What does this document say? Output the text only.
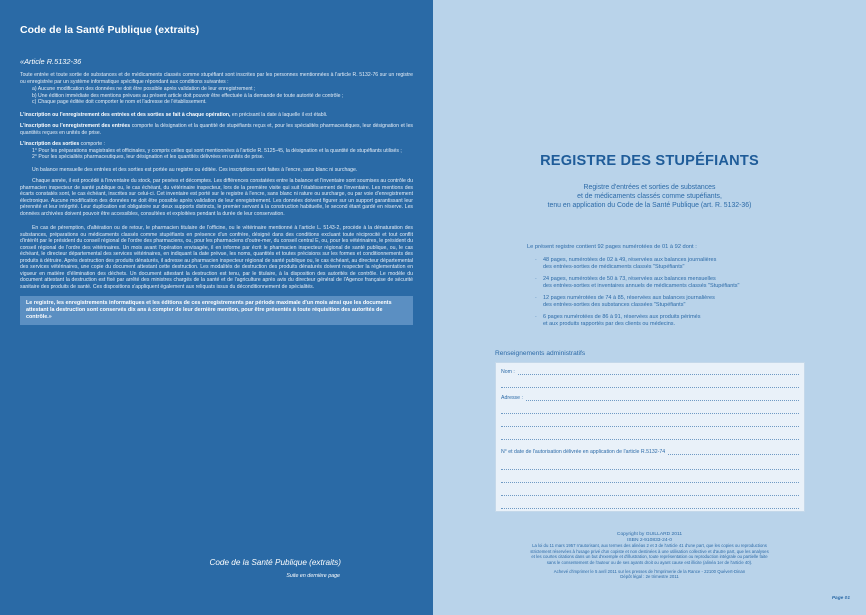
Code de la Santé Publique (extraits)
«Article R.5132-36

Toute entrée et toute sortie de substances et de médicaments classés comme stupéfiant sont inscrites par les personnes mentionnées à l'article R. 5132-76 sur un registre ou enregistrée par un système informatique spécifique répondant aux conditions suivantes :

a) Aucune modification des données ne doit être possible après validation de leur enregistrement ;
b) Une édition immédiate des mentions prévues au présent article doit pouvoir être effectuée à la demande de toute autorité de contrôle ;
c) Chaque page éditée doit comporter le nom et l'adresse de l'établissement.

L'inscription ou l'enregistrement des entrées et des sorties se fait à chaque opération, en précisant la date à laquelle il est établi.

L'inscription ou l'enregistrement des entrées comporte la désignation et la quantité de stupéfiants reçus et, pour les spécialités pharmaceutiques, leur désignation et les quantités reçues en unités de prise.

L'inscription des sorties comporte :
1° Pour les préparations magistrales et officinales, y compris celles qui sont mentionnées à l'article R. 5125-45, la désignation et la quantité de stupéfiants utilisés ;
2° Pour les spécialités pharmaceutiques, leur désignation et les quantités délivrées en unités de prise.

Un balance mensuelle des entrées et des sorties est portée au registre ou éditée. Ces inscriptions sont faites à l'encre, sans blanc ni surchage.

Chaque année, il est procédé à l'inventaire du stock, par pesées et décomptes. Les différences constatées entre la balance et l'inventaire sont soumises au contrôle du pharmacien inspecteur de santé publique ou, le cas échéant, du vétérinaire inspecteur, lors de la première visite qui suit l'établissement de l'inventaire. Les mentions des écarts constatés sont, le cas échéant, inscrites sur celui-ci. Cet inventaire est porté sur le registre à l'encre, sans blanc ni rature ou surcharge, ou par voie d'enregistrement électronique. Aucune modification des données ne doit être possible après validation de leur enregistrement. Les données doivent figurer sur un support garantissant leur pérennité et leur intégrité. Leur duplication est obligatoire sur deux supports distincts, le premier servant à la construction habituelle, le second étant gardé en réserve. Les données archivées doivent pouvoir être accessibles, consultées et exploitées pendant la durée de leur conservation.

En cas de péremption, d'altération ou de retour, le pharmacien titulaire de l'officine, ou le vétérinaire mentionné à l'article L. 5143-2, procède à la dénaturation des substances, préparations ou médicaments classés comme stupéfiants en présence d'un confrère, désigné dans des conditions excluant toute réciprocité et tout conflit d'intérêt par le président du conseil régional de l'ordre des pharmaciens, ou, pour les pharmaciens d'outre-mer, du conseil central E, ou, pour les vétérinaires, le président du conseil régional de l'ordre des vétérinaires. Un mois avant l'opération envisagée, il en informe par écrit le pharmacien inspecteur régional de santé publique, ou, le cas échéant, le directeur départemental des services vétérinaires, en indiquant la date prévue, les noms, quantités et toutes précisions sur les formes et conditionnements des produits à détruire. Après destruction des produits dénaturés, il adresse au pharmacien inspecteur régional de santé publique ou, le cas échéant, au directeur départemental des services vétérinaires, une copie du document attestant cette destruction. Les modalités de destruction des produits dénaturés doivent respecter la réglementation en vigueur en matière d'élimination des déchets. Un document attestant la destruction est tenu, par le titulaire, à la disposition des autorités de contrôle. Le modèle du document attestant la destruction est fixé par arrêté des ministres chargés de la santé et de l'agriculture après avis du directeur général de l'Agence française de sécurité sanitaire des produits de santé. Ces dispositions s'appliquent également aux reliquats issus du déconditionnement de spécialités.

Le registre, les enregistrements informatiques et les éditions de ces enregistrements par période maximale d'un mois ainsi que les documents attestant la destruction sont conservés dix ans à compter de leur dernière mention, pour être présentés à toute réquisition des autorités de contrôle.»
Code de la Santé Publique (extraits)
Suite en dernière page
REGISTRE DES STUPÉFIANTS
Registre d'entrées et sorties de substances
et de médicaments classés comme stupéfiants,
tenu en application du Code de la Santé Publique (art. R. 5132-36)
Le présent registre contient 92 pages numérotées de 01 à 92 dont :
· 48 pages, numérotées de 02 à 49, réservées aux balances journalières
des entrées-sorties de médicaments classés "Stupéfiants"
· 24 pages, numérotées de 50 à 73, réservées aux balances mensuelles
des entrées-sorties et inventaires annuels de médicaments classés "Stupéfiants"
· 12 pages numérotées de 74 à 85, réservées aux balances journalières
des entrées-sorties des substances classées "Stupéfiants"
· 6 pages numérotées de 86 à 91, réservées aux produits périmés
et aux produits rapportés par des clients ou médecins.
Renseignements administratifs
Nom :
Adresse :
N° et date de l'autorisation délivrée en application de l'article R.5132-74
Copyright by GUILLARD 2011
ISBN 2-910833-24-0
La loi du 11 mars 1957 n'autorisant, aux termes des alinéas 2 et 3 de l'article 41 d'une part, que les copies ou reproductions
strictement réservées à l'usage privé d'un copiste et non destinées à une utilisation collective et d'autre part, que les analyses
et les courtes citations dans un but d'exemple et d'illustration, toute représentation ou reproduction intégrale ou partielle faite
sans le consentement de l'auteur ou de ses ayants droit ou ayant cause est illicite (alinéa 1er de l'article 40).
Achevé d'imprimer le 5 avril 2011 sur les presses de l'Imprimerie de la Rance - 22100 Quévert-Dinan
Dépôt légal : 2e trimestre 2011
Page 01
